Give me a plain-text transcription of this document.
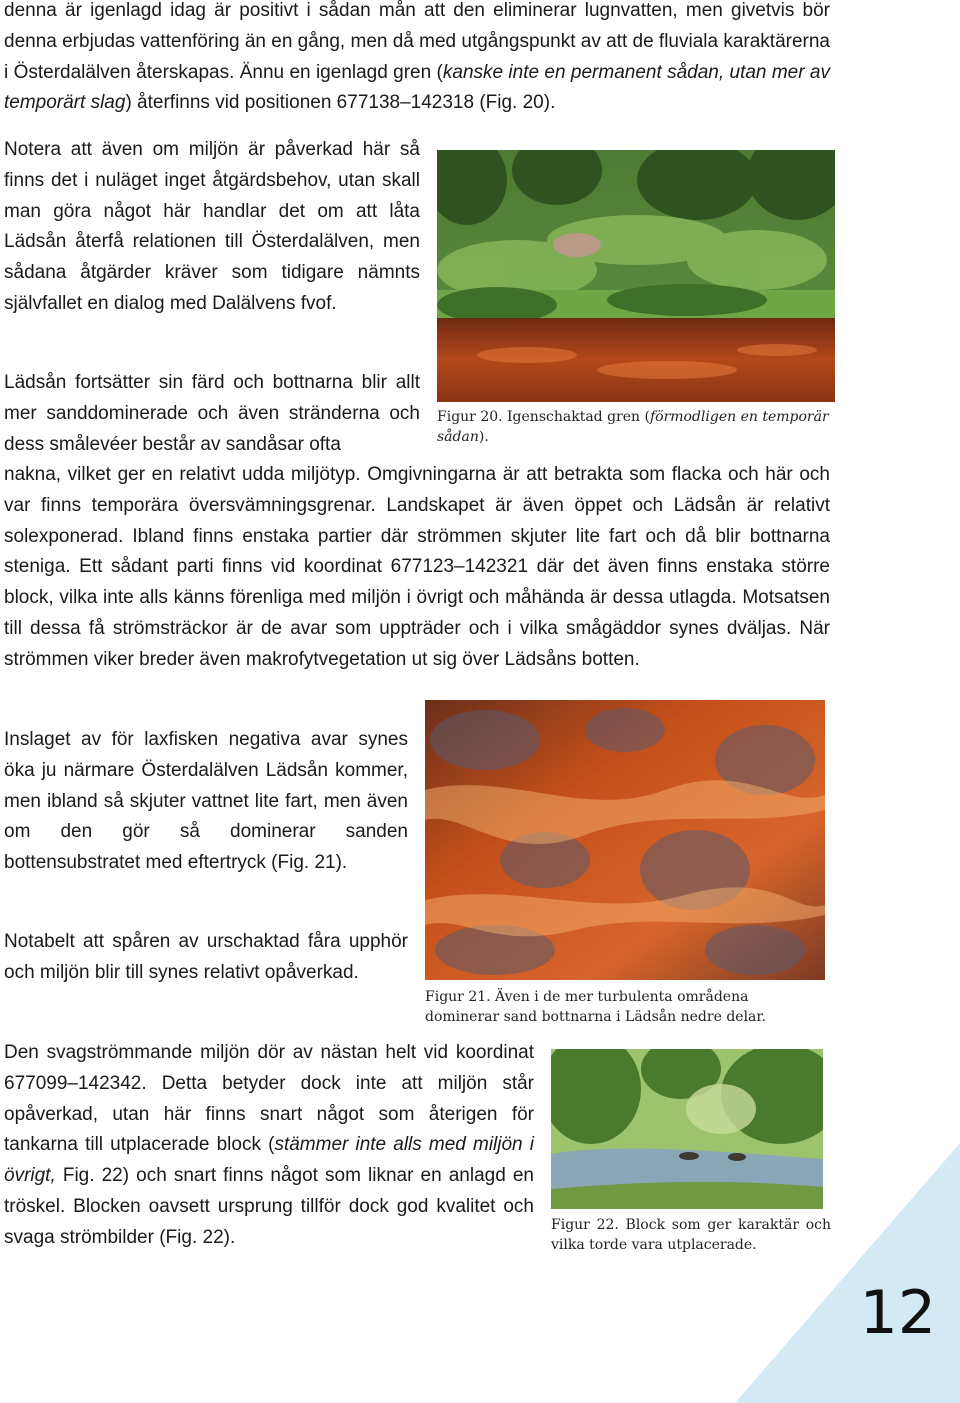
denna är igenlagd idag är positivt i sådan mån att den eliminerar lugnvatten, men givetvis bör denna erbjudas vattenföring än en gång, men då med utgångspunkt av att de fluviala karaktärerna i Österdalälven återskapas. Ännu en igenlagd gren (kanske inte en permanent sådan, utan mer av temporärt slag) återfinns vid positionen 677138–142318 (Fig. 20).

Notera att även om miljön är påverkad här så finns det i nuläget inget åtgärdsbehov, utan skall man göra något här handlar det om att låta Lädsån återfå relationen till Österdalälven, men sådana åtgärder kräver som tidigare nämnts självfallet en dialog med Dalälvens fvof.

Figur 20. Igenschaktad gren (förmodligen en temporär sådan).

Lädsån fortsätter sin färd och bottnarna blir allt mer sanddominerade och även stränderna och dess smålevéer består av sandåsar ofta

nakna, vilket ger en relativt udda miljötyp. Omgivningarna är att betrakta som flacka och här och var finns temporära översvämningsgrenar. Landskapet är även öppet och Lädsån är relativt solexponerad. Ibland finns enstaka partier där strömmen skjuter lite fart och då blir bottnarna steniga. Ett sådant parti finns vid koordinat 677123–142321 där det även finns enstaka större block, vilka inte alls känns förenliga med miljön i övrigt och måhända är dessa utlagda. Motsatsen till dessa få strömsträckor är de avar som uppträder och i vilka smågäddor synes dväljas. När strömmen viker breder även makrofytvegetation ut sig över Lädsåns botten.

Inslaget av för laxfisken negativa avar synes öka ju närmare Österdalälven Lädsån kommer, men ibland så skjuter vattnet lite fart, men även om den gör så dominerar sanden bottensubstratet med eftertryck (Fig. 21).

Notabelt att spåren av urschaktad fåra upphör och miljön blir till synes relativt opåverkad.

Figur 21. Även i de mer turbulenta områdena dominerar sand bottnarna i Lädsån nedre delar.

Den svagströmmande miljön dör av nästan helt vid koordinat 677099–142342. Detta betyder dock inte att miljön står opåverkad, utan här finns snart något som återigen för tankarna till utplacerade block (stämmer inte alls med miljön i övrigt, Fig. 22) och snart finns något som liknar en anlagd en tröskel. Blocken oavsett ursprung tillför dock god kvalitet och svaga strömbilder (Fig. 22).

Figur 22. Block som ger karaktär och vilka torde vara utplacerade.

12
